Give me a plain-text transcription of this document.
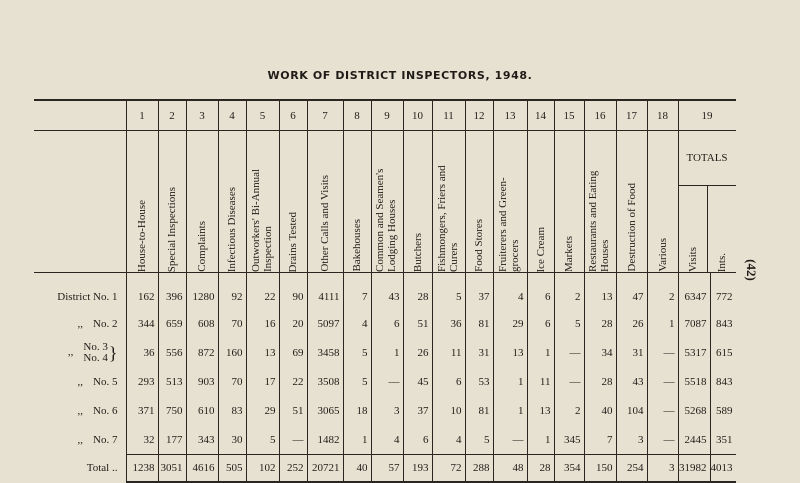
WORK OF DISTRICT INSPECTORS, 1948.
(42)
	1	2	3	4	5	6	7	8	9	10	11	12	13	14	15	16	17	18	19	

	House-to-House	Special Inspections	Complaints	Infectious Diseases	Outworkers' Bi-Annual Inspection	Drains Tested	Other Calls and Visits	Bakehouses	Common and Seamen's Lodging Houses	Butchers	Fishmongers, Friers and Curers	Food Stores	Fruiterers and Green-grocers	Ice Cream	Markets	Restaurants and Eating Houses	Destruction of Food	Various	TOTALS
Visits Ints.	

District No. 1	162	396	1280	92	22	90	4111	7	43	28	5	37	4	6	2	13	47	2	6347	772
,, No. 2	344	659	608	70	16	20	5097	4	6	51	36	81	29	6	5	28	26	1	7087	843
,, No. 3
No. 4 }	36	556	872	160	13	69	3458	5	1	26	11	31	13	1	—	34	31	—	5317	615
,, No. 5	293	513	903	70	17	22	3508	5	—	45	6	53	1	11	—	28	43	—	5518	843
,, No. 6	371	750	610	83	29	51	3065	18	3	37	10	81	1	13	2	40	104	—	5268	589
,, No. 7	32	177	343	30	5	—	1482	1	4	6	4	5	—	1	345	7	3	—	2445	351
Total ..	1238	3051	4616	505	102	252	20721	40	57	193	72	288	48	28	354	150	254	3	31982	4013
